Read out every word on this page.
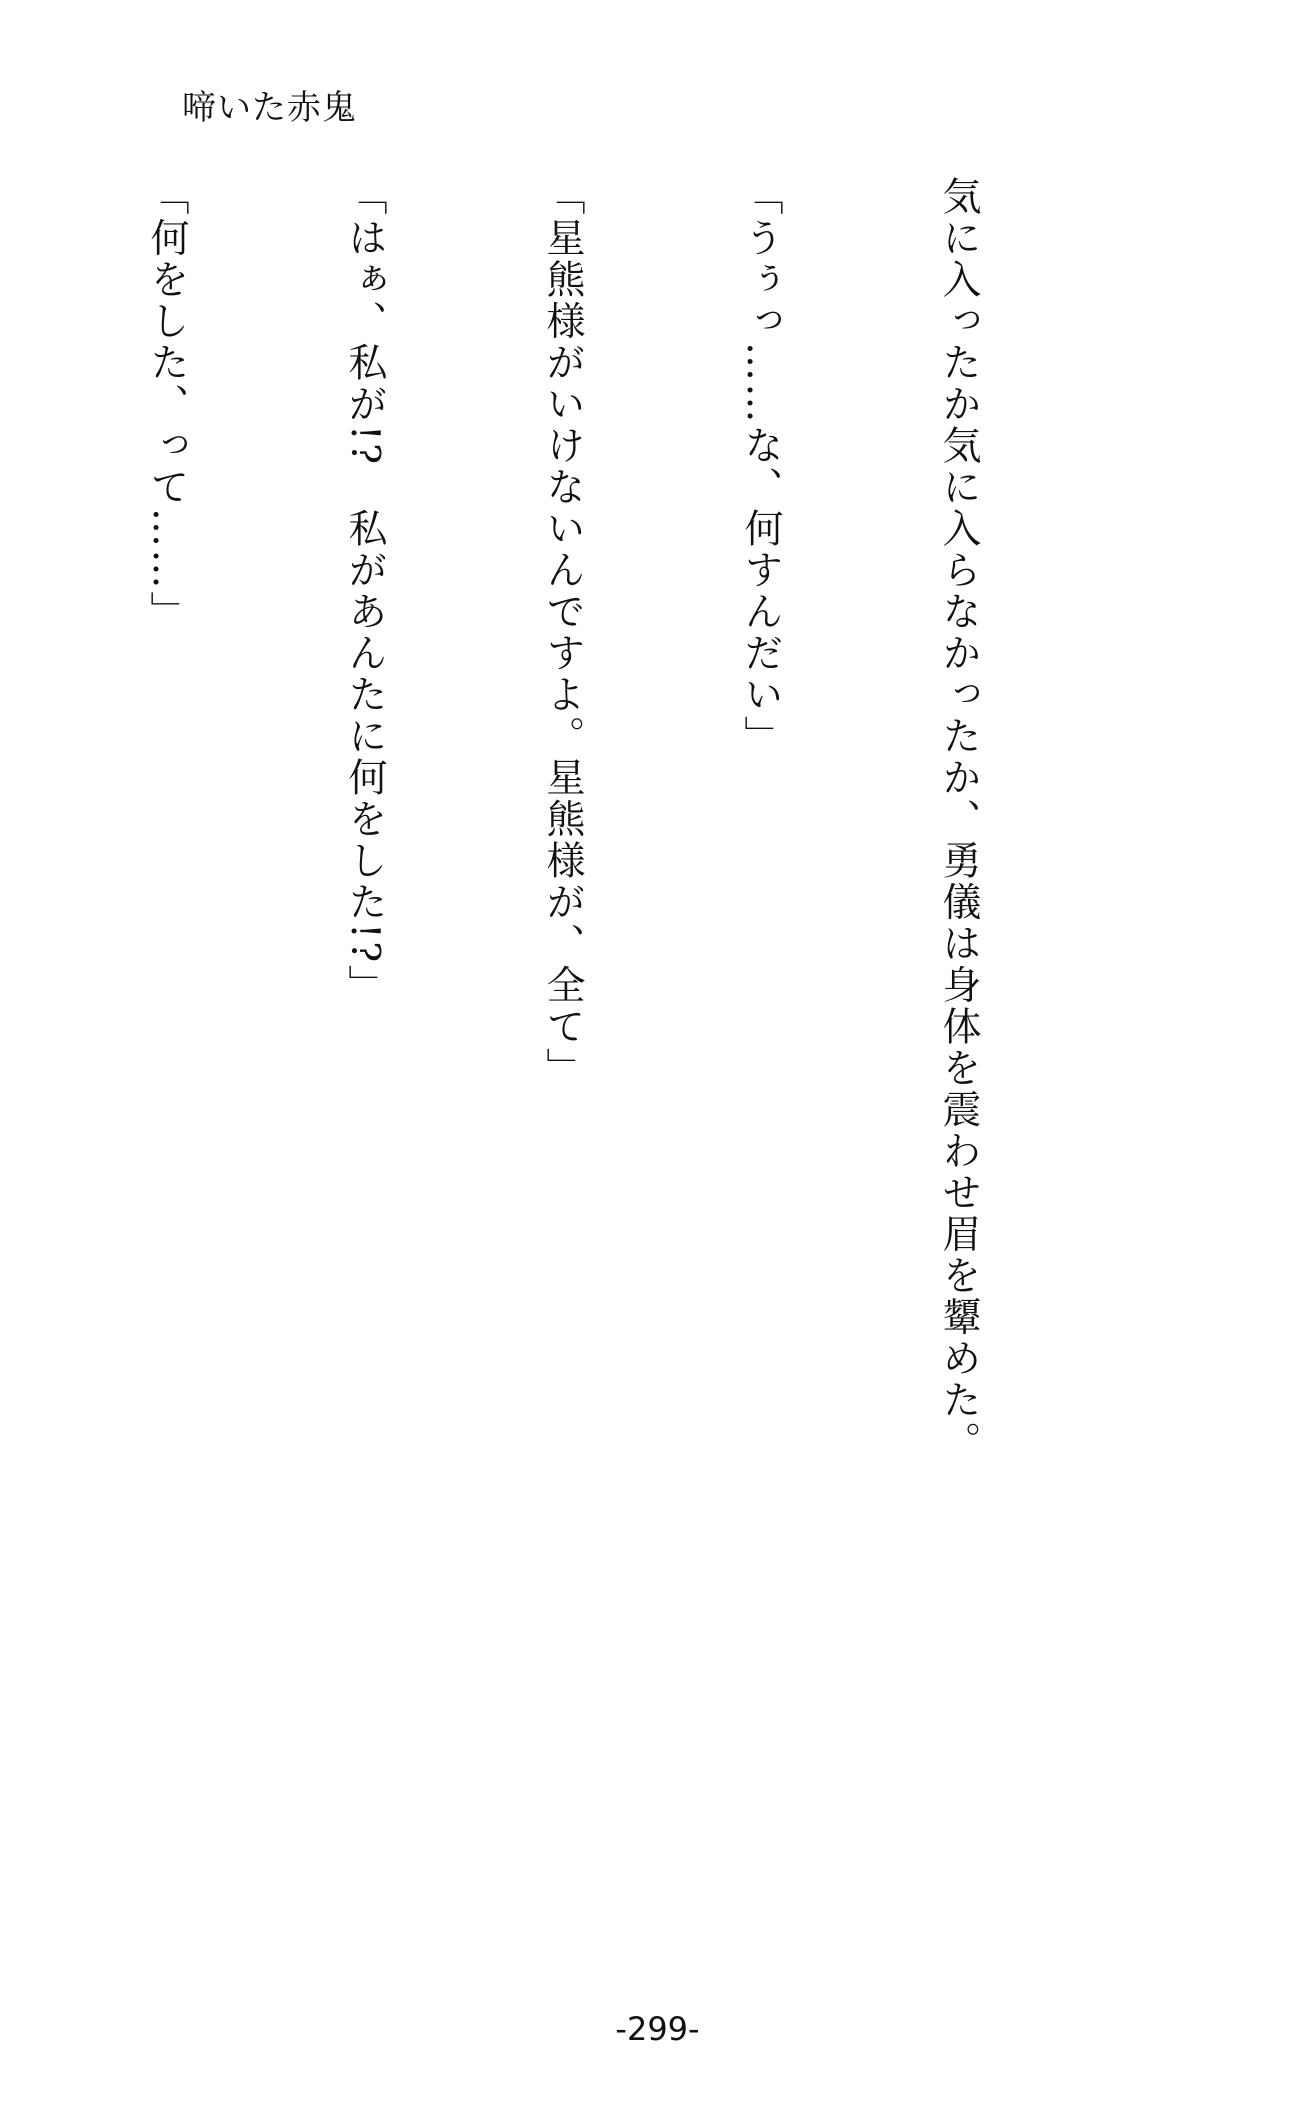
啼いた赤鬼

気に入ったか気に入らなかったか、勇儀は身体を震わせ眉を顰めた。

「うぅっ……な、何すんだい」

「星熊様がいけないんですよ。星熊様が、全て」

「はぁ、私が!?　私があんたに何をした!?」

「何をした、って……」

-299-
